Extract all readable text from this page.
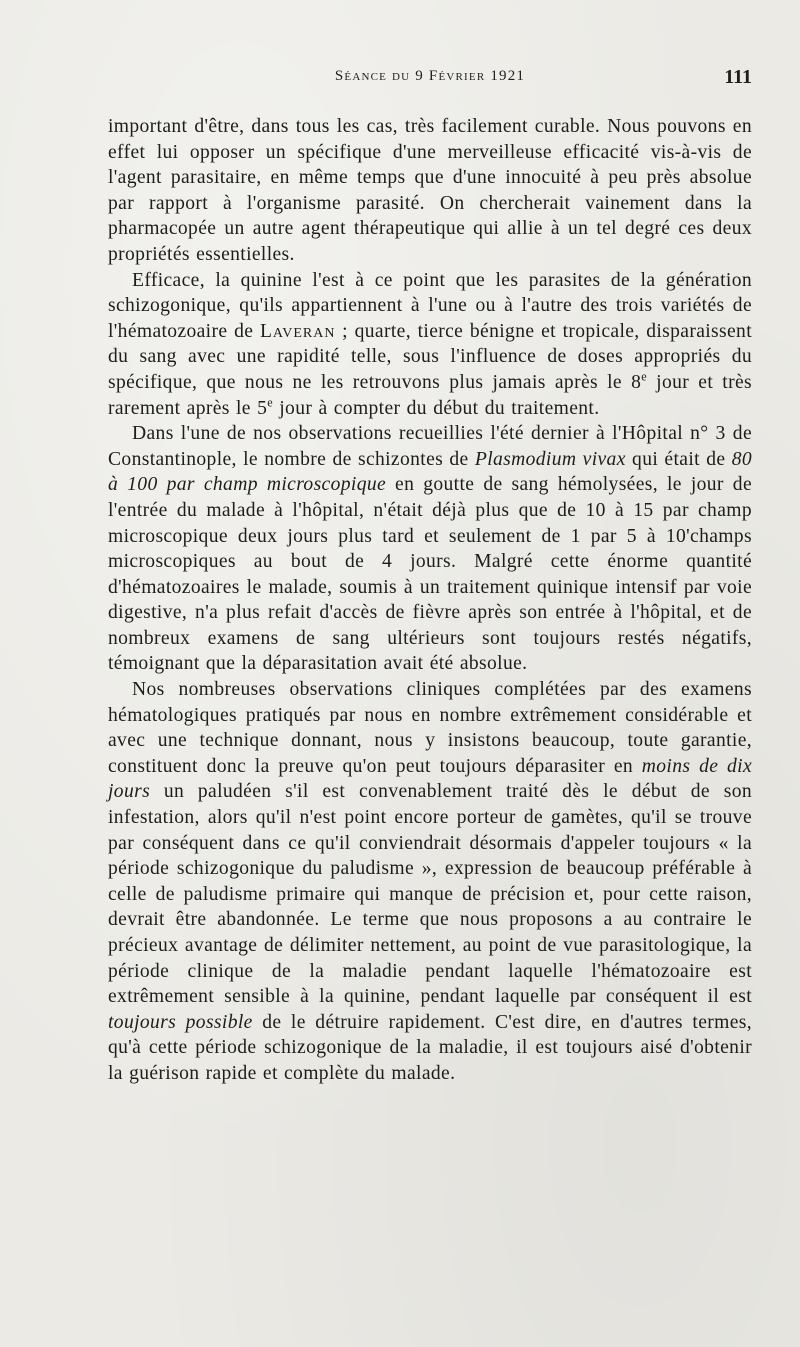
Séance du 9 Février 1921	111

important d'être, dans tous les cas, très facilement curable. Nous pouvons en effet lui opposer un spécifique d'une merveilleuse efficacité vis-à-vis de l'agent parasitaire, en même temps que d'une innocuité à peu près absolue par rapport à l'organisme parasité. On chercherait vainement dans la pharmacopée un autre agent thérapeutique qui allie à un tel degré ces deux propriétés essentielles.

Efficace, la quinine l'est à ce point que les parasites de la génération schizogonique, qu'ils appartiennent à l'une ou à l'autre des trois variétés de l'hématozoaire de Laveran ; quarte, tierce bénigne et tropicale, disparaissent du sang avec une rapidité telle, sous l'influence de doses appropriés du spécifique, que nous ne les retrouvons plus jamais après le 8e jour et très rarement après le 5e jour à compter du début du traitement.

Dans l'une de nos observations recueillies l'été dernier à l'Hôpital n° 3 de Constantinople, le nombre de schizontes de Plasmodium vivax qui était de 80 à 100 par champ microscopique en goutte de sang hémolysées, le jour de l'entrée du malade à l'hôpital, n'était déjà plus que de 10 à 15 par champ microscopique deux jours plus tard et seulement de 1 par 5 à 10'champs microscopiques au bout de 4 jours. Malgré cette énorme quantité d'hématozoaires le malade, soumis à un traitement quinique intensif par voie digestive, n'a plus refait d'accès de fièvre après son entrée à l'hôpital, et de nombreux examens de sang ultérieurs sont toujours restés négatifs, témoignant que la déparasitation avait été absolue.

Nos nombreuses observations cliniques complétées par des examens hématologiques pratiqués par nous en nombre extrêmement considérable et avec une technique donnant, nous y insistons beaucoup, toute garantie, constituent donc la preuve qu'on peut toujours déparasiter en moins de dix jours un paludéen s'il est convenablement traité dès le début de son infestation, alors qu'il n'est point encore porteur de gamètes, qu'il se trouve par conséquent dans ce qu'il conviendrait désormais d'appeler toujours « la période schizogonique du paludisme », expression de beaucoup préférable à celle de paludisme primaire qui manque de précision et, pour cette raison, devrait être abandonnée. Le terme que nous proposons a au contraire le précieux avantage de délimiter nettement, au point de vue parasitologique, la période clinique de la maladie pendant laquelle l'hématozoaire est extrêmement sensible à la quinine, pendant laquelle par conséquent il est toujours possible de le détruire rapidement. C'est dire, en d'autres termes, qu'à cette période schizogonique de la maladie, il est toujours aisé d'obtenir la guérison rapide et complète du malade.
